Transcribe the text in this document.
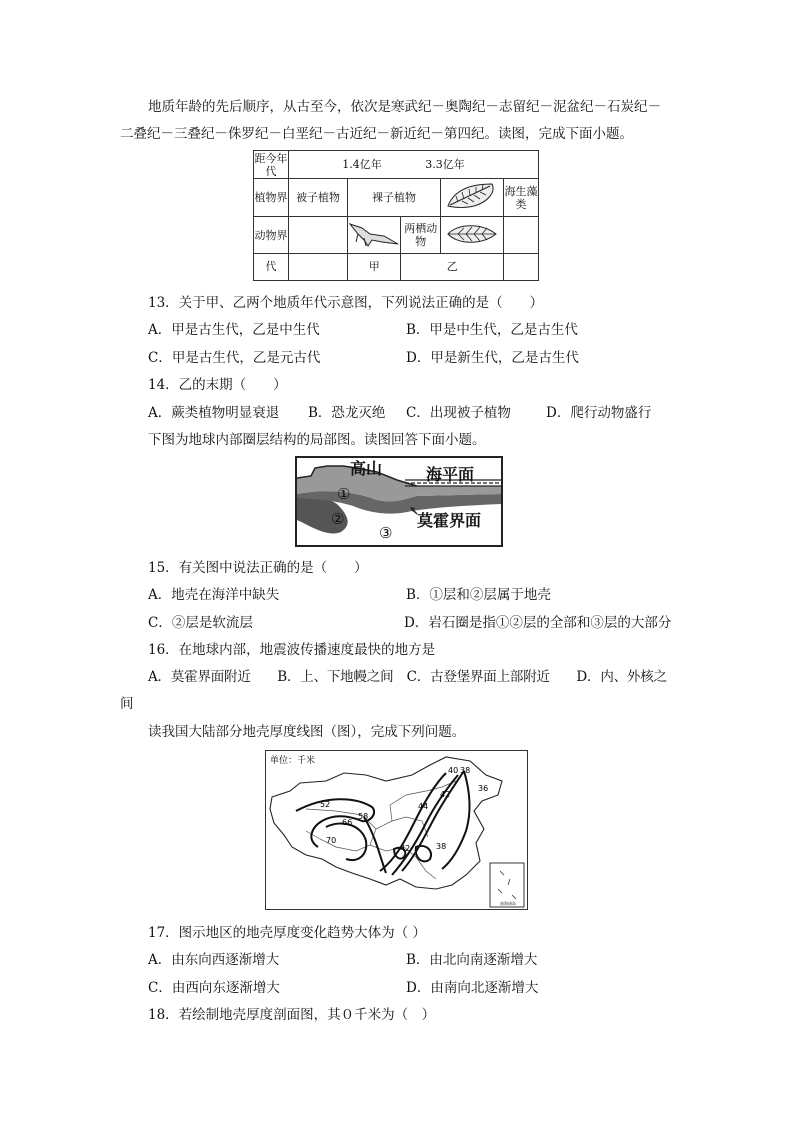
地质年龄的先后顺序，从古至今，依次是寒武纪－奥陶纪－志留纪－泥盆纪－石炭纪－
二叠纪－三叠纪－侏罗纪－白垩纪－古近纪－新近纪－第四纪。读图，完成下面小题。
距今年代	1.4亿年 3.3亿年				
植物界	被子植物	裸子植物			海生藻类
动物界			两栖动物		
代		甲	乙		
13．关于甲、乙两个地质年代示意图，下列说法正确的是（　　）
A．甲是古生代，乙是中生代	B．甲是中生代，乙是古生代
C．甲是古生代，乙是元古代	D．甲是新生代，乙是古生代
14．乙的末期（　　）
A．蕨类植物明显衰退 B．恐龙灭绝 C．出现被子植物	D．爬行动物盛行
下图为地球内部圈层结构的局部图。读图回答下面小题。
①
②
③
莫霍界面
高山	海平面
15．有关图中说法正确的是（　　）
A．地壳在海洋中缺失	B．①层和②层属于地壳
C．②层是软流层	D．岩石圈是指①②层的全部和③层的大部分
16．在地球内部，地震波传播速度最快的地方是
A．莫霍界面附近　　B．上、下地幔之间　C．古登堡界面上部附近　　D．内、外核之
间
读我国大陆部分地壳厚度线图（图），完成下列问题。
单位：千米
52
58
66
70
44
42
40 38
36
42	38
南海诸岛
17．图示地区的地壳厚度变化趋势大体为（ ）
A．由东向西逐渐增大	B．由北向南逐渐增大
C．由西向东逐渐增大	D．由南向北逐渐增大
18．若绘制地壳厚度剖面图，其０千米为（　）
